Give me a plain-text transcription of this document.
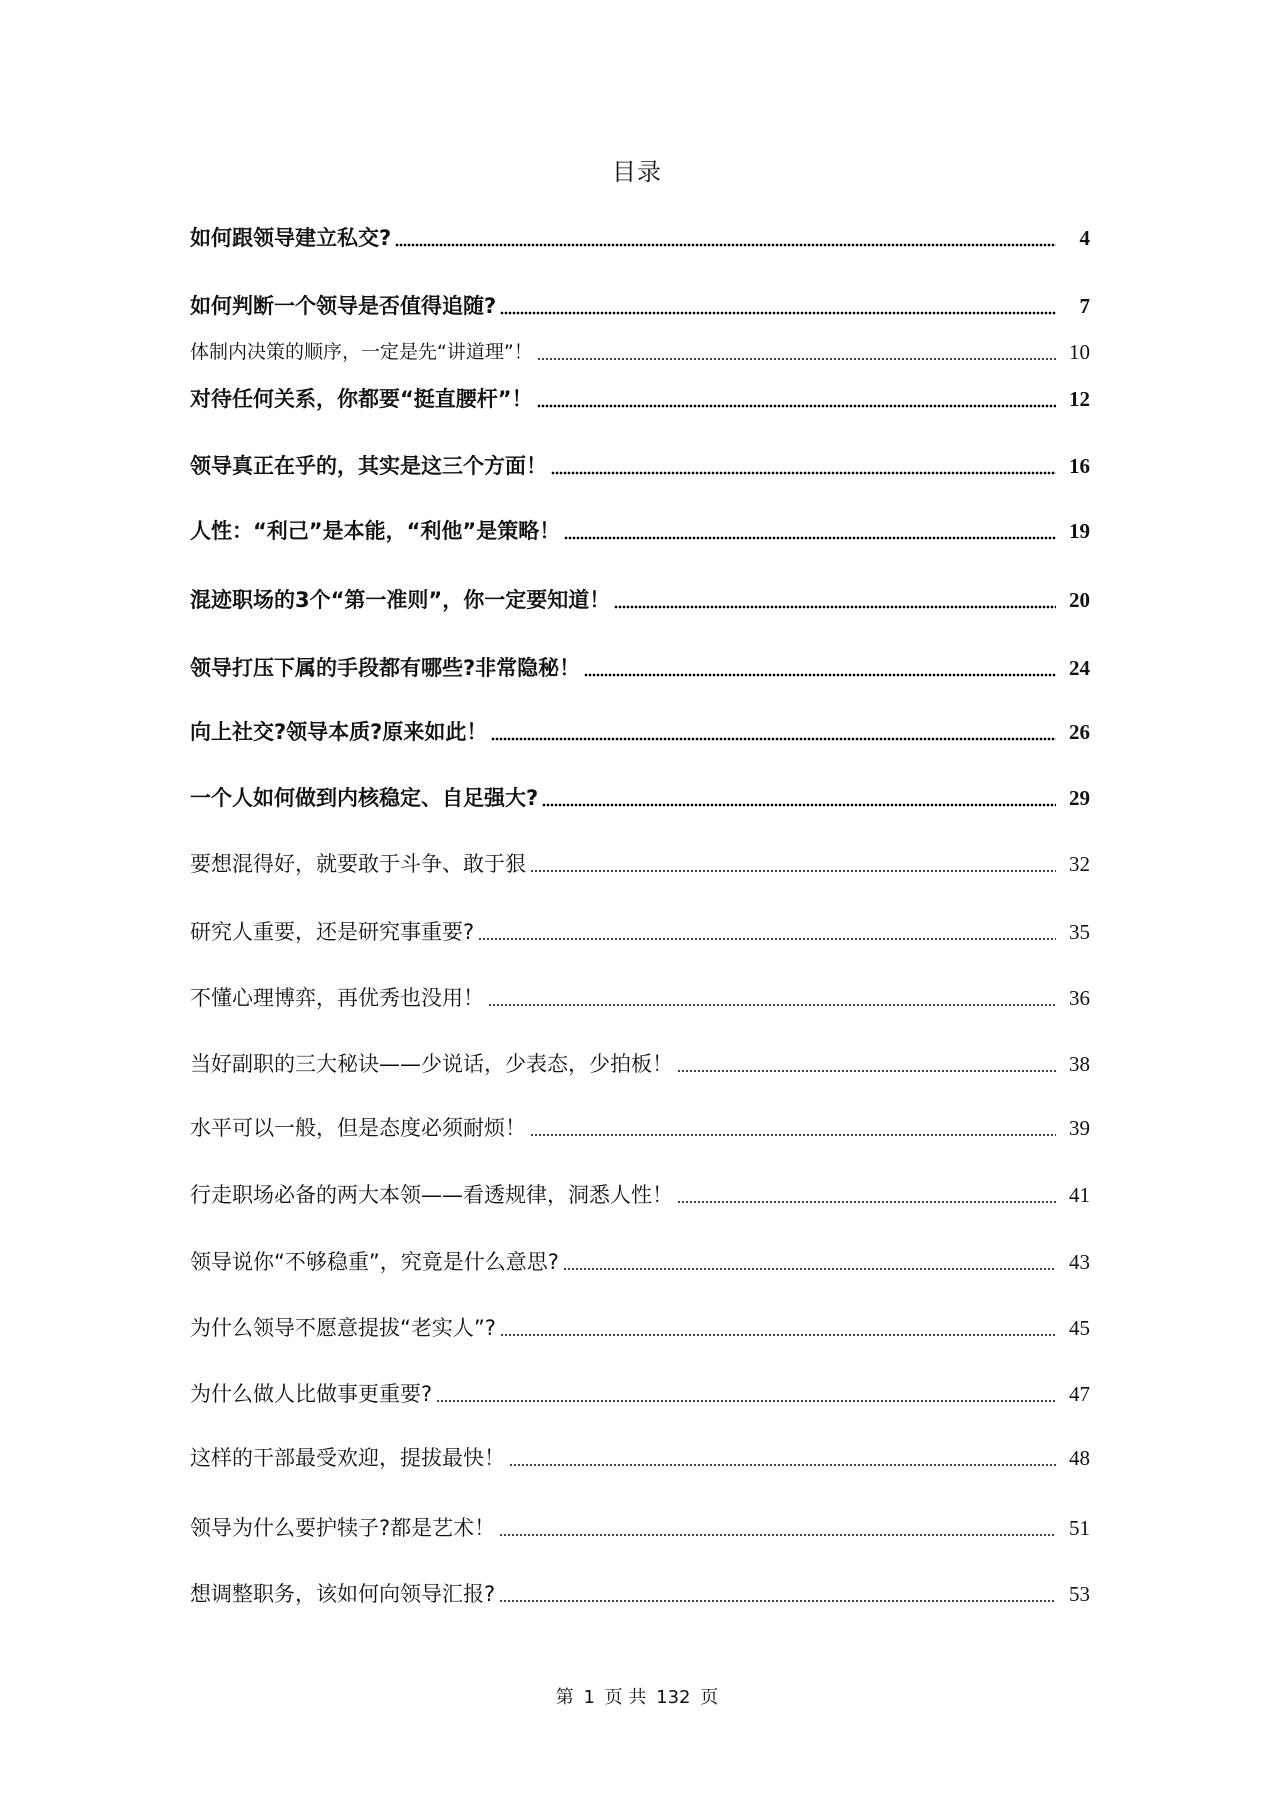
目录
如何跟领导建立私交?	4
如何判断一个领导是否值得追随?	7
体制内决策的顺序，一定是先“讲道理”！	10
对待任何关系，你都要“挺直腰杆”！	12
领导真正在乎的，其实是这三个方面！	16
人性：“利己”是本能，“利他”是策略！	19
混迹职场的3个“第一准则”，你一定要知道！	20
领导打压下属的手段都有哪些?非常隐秘！	24
向上社交?领导本质?原来如此！	26
一个人如何做到内核稳定、自足强大?	29
要想混得好，就要敢于斗争、敢于狠	32
研究人重要，还是研究事重要?	35
不懂心理博弈，再优秀也没用！	36
当好副职的三大秘诀——少说话，少表态，少拍板！	38
水平可以一般，但是态度必须耐烦！	39
行走职场必备的两大本领——看透规律，洞悉人性！	41
领导说你“不够稳重”，究竟是什么意思?	43
为什么领导不愿意提拔“老实人”?	45
为什么做人比做事更重要?	47
这样的干部最受欢迎，提拔最快！	48
领导为什么要护犊子?都是艺术！	51
想调整职务，该如何向领导汇报?	53
第 1 页 共 132 页
